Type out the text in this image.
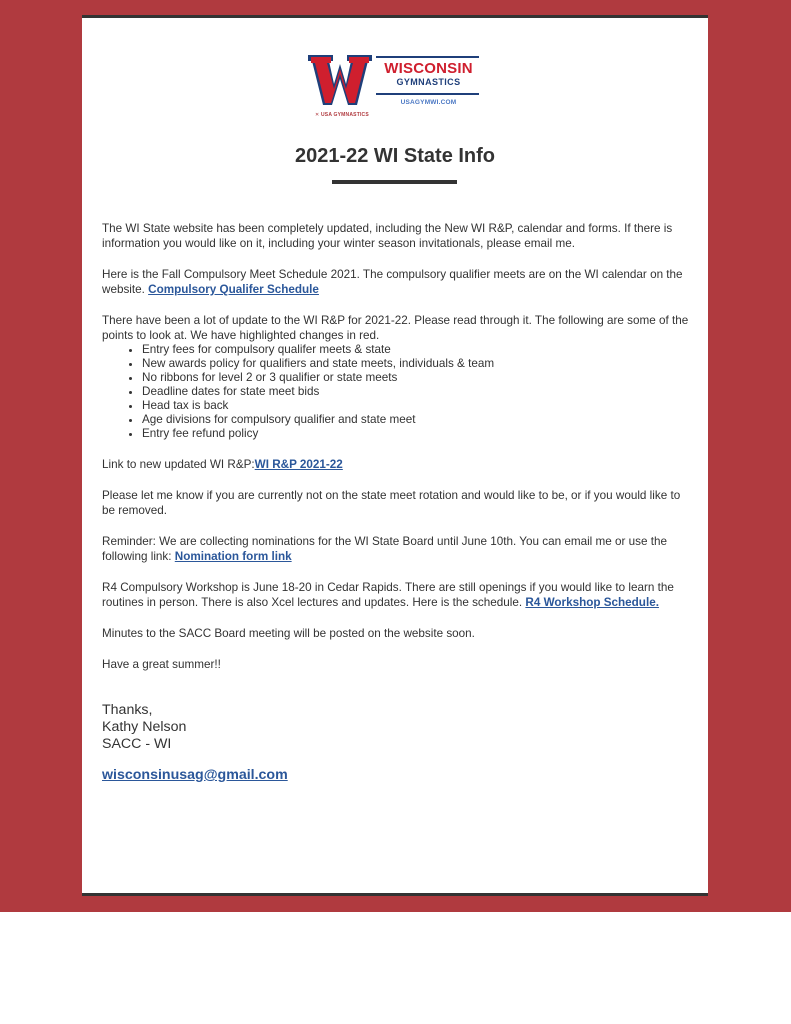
✕ USA GYMNASTICS
WISCONSIN
GYMNASTICS
USAGYMWI.COM
2021-22 WI State Info

The WI State website has been completely updated, including the New WI R&P, calendar and forms. If there is information you would like on it, including your winter season invitationals, please email me.

Here is the Fall Compulsory Meet Schedule 2021. The compulsory qualifier meets are on the WI calendar on the website. Compulsory Qualifer Schedule

There have been a lot of update to the WI R&P for 2021-22. Please read through it. The following are some of the points to look at. We have highlighted changes in red.

• Entry fees for compulsory qualifer meets & state
• New awards policy for qualifiers and state meets, individuals & team
• No ribbons for level 2 or 3 qualifier or state meets
• Deadline dates for state meet bids
• Head tax is back
• Age divisions for compulsory qualifier and state meet
• Entry fee refund policy

Link to new updated WI R&P:WI R&P 2021-22

Please let me know if you are currently not on the state meet rotation and would like to be, or if you would like to be removed.

Reminder: We are collecting nominations for the WI State Board until June 10th. You can email me or use the following link: Nomination form link

R4 Compulsory Workshop is June 18-20 in Cedar Rapids. There are still openings if you would like to learn the routines in person. There is also Xcel lectures and updates. Here is the schedule. R4 Workshop Schedule.

Minutes to the SACC Board meeting will be posted on the website soon.

Have a great summer!!

Thanks,
Kathy Nelson
SACC - WI
wisconsinusag@gmail.com
